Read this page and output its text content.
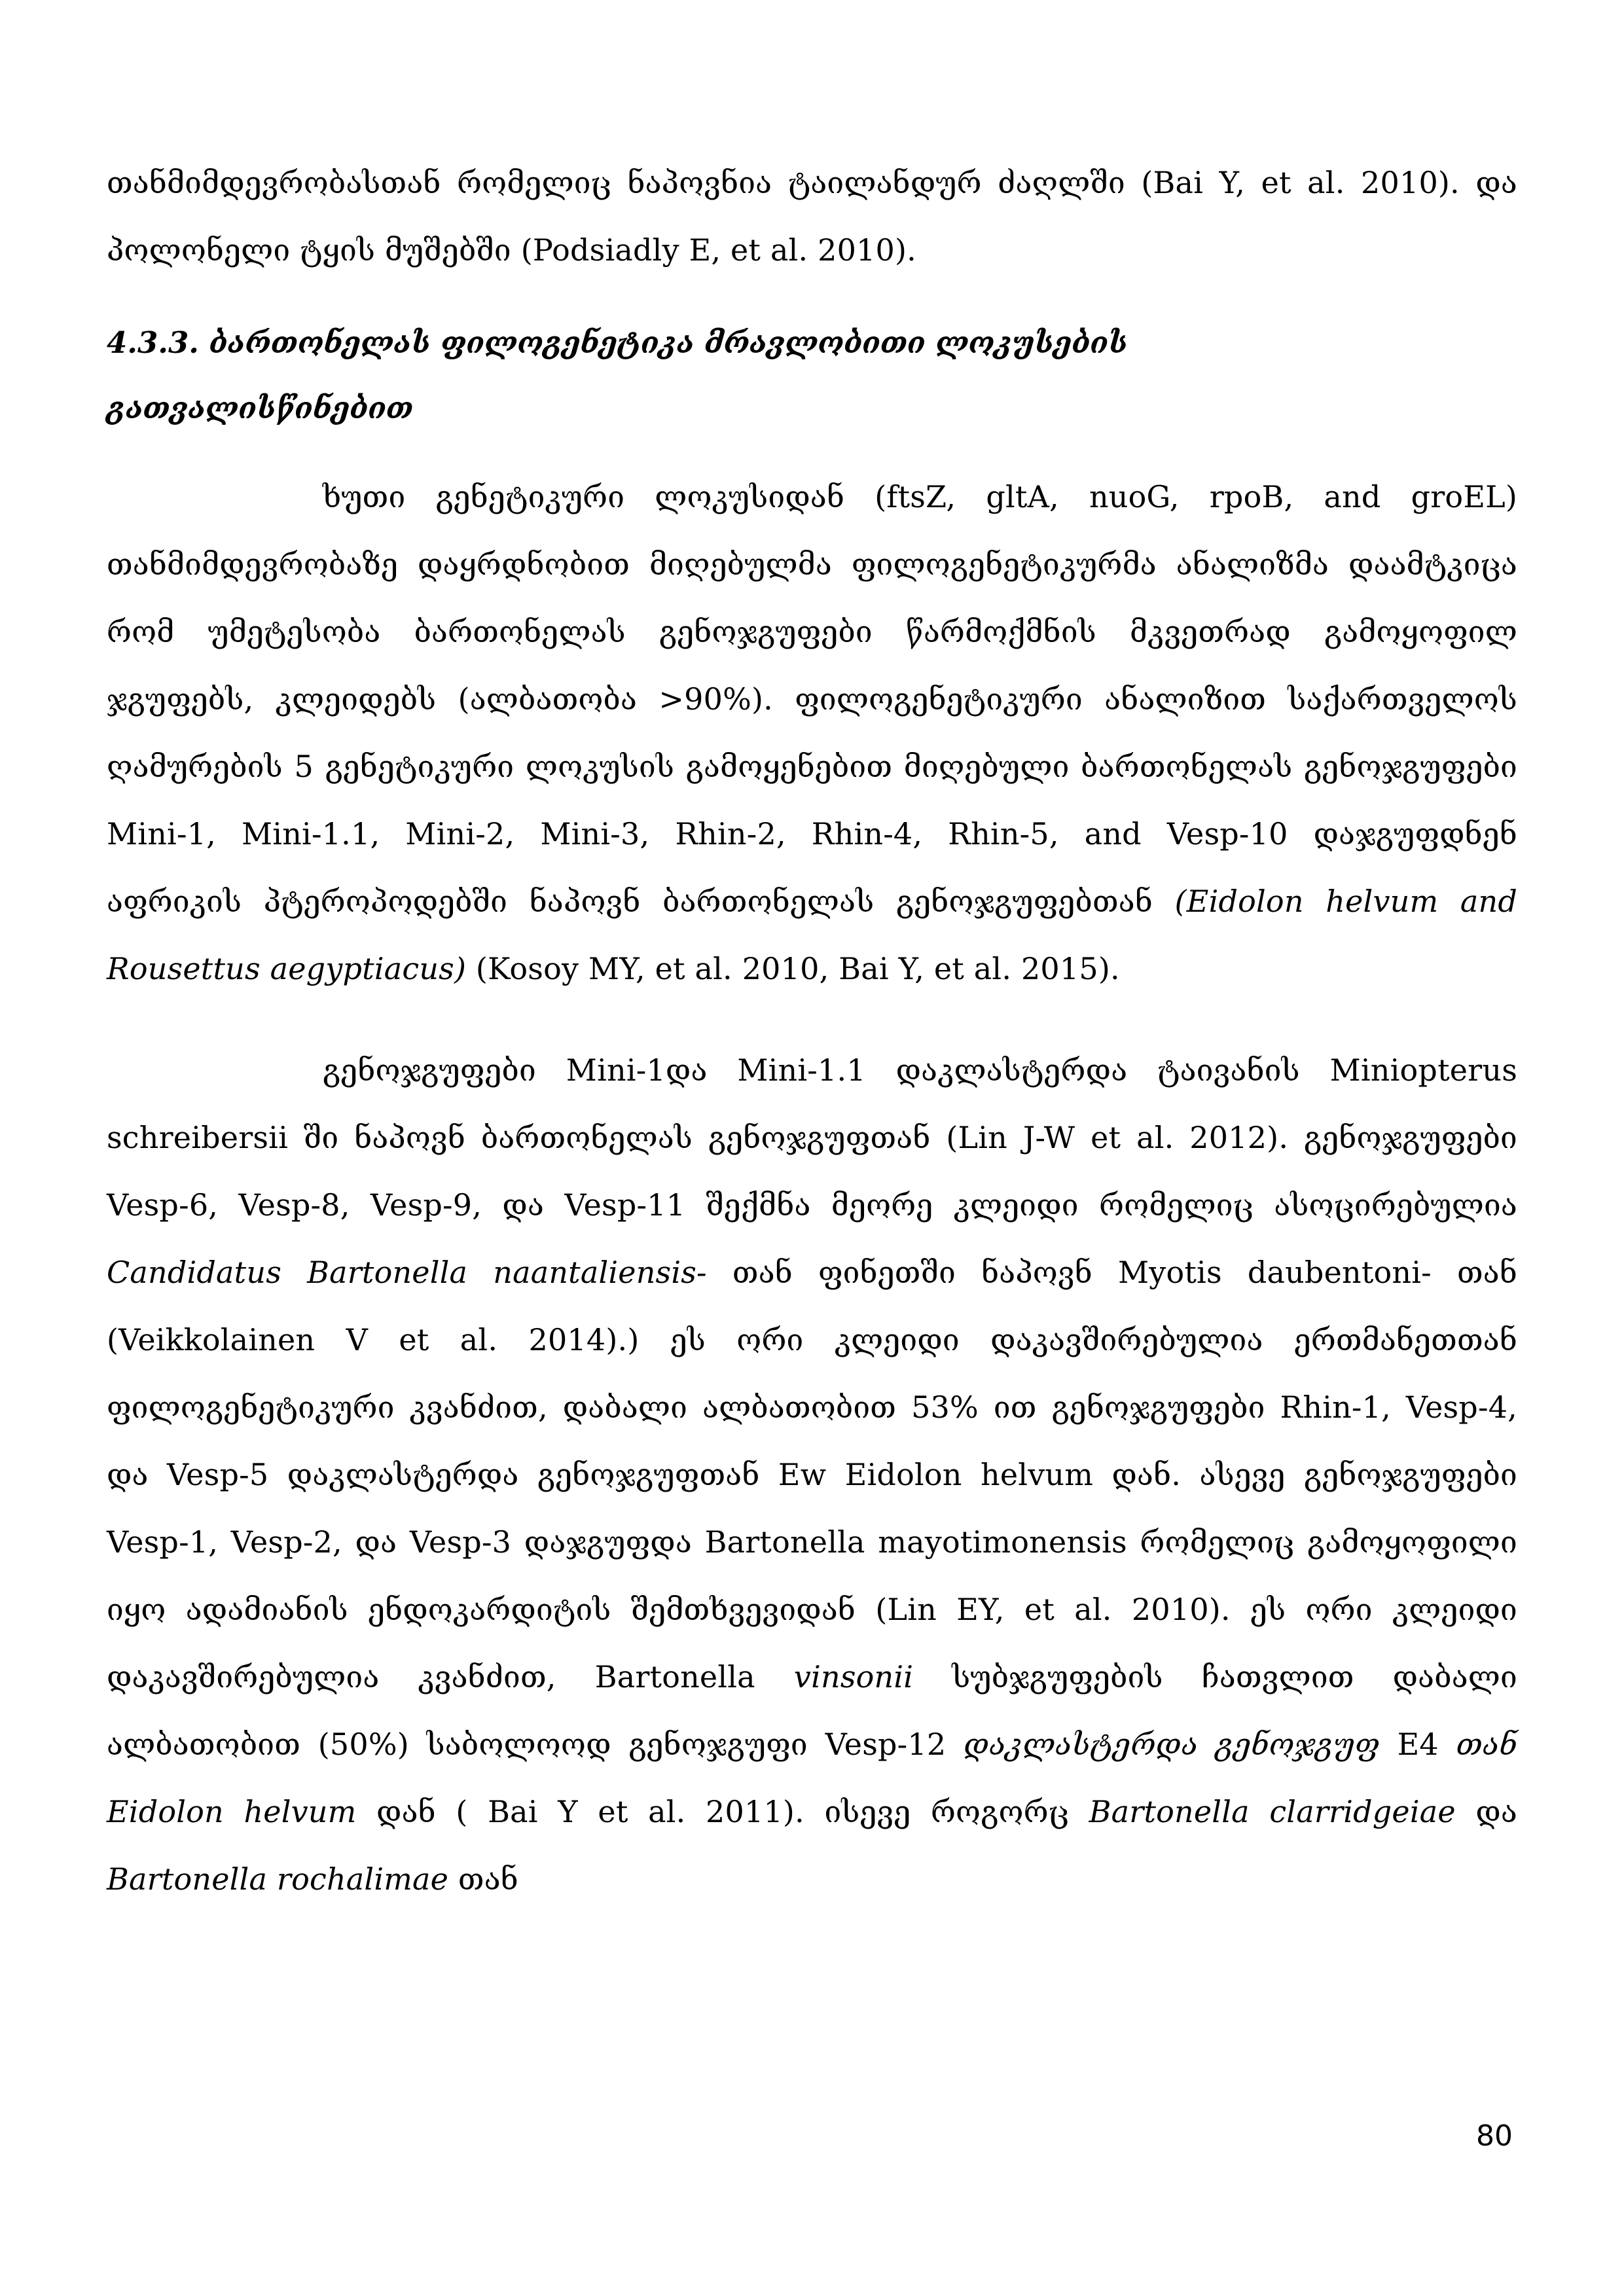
თანმიმდევრობასთან რომელიც ნაპოვნია ტაილანდურ ძაღლში (Bai Y, et al. 2010). და პოლონელი ტყის მუშებში (Podsiadly E, et al. 2010).

4.3.3. ბართონელას ფილოგენეტიკა მრავლობითი ლოკუსების გათვალისწინებით

ხუთი გენეტიკური ლოკუსიდან (ftsZ, gltA, nuoG, rpoB, and groEL) თანმიმდევრობაზე დაყრდნობით მიღებულმა ფილოგენეტიკურმა ანალიზმა დაამტკიცა რომ უმეტესობა ბართონელას გენოჯგუფები წარმოქმნის მკვეთრად გამოყოფილ ჯგუფებს, კლეიდებს (ალბათობა >90%). ფილოგენეტიკური ანალიზით საქართველოს ღამურების 5 გენეტიკური ლოკუსის გამოყენებით მიღებული ბართონელას გენოჯგუფები Mini-1, Mini-1.1, Mini-2, Mini-3, Rhin-2, Rhin-4, Rhin-5, and Vesp-10 დაჯგუფდნენ აფრიკის პტეროპოდებში ნაპოვნ ბართონელას გენოჯგუფებთან (Eidolon helvum and Rousettus aegyptiacus) (Kosoy MY, et al. 2010, Bai Y, et al. 2015).

გენოჯგუფები Mini-1და Mini-1.1 დაკლასტერდა ტაივანის Miniopterus schreibersii ში ნაპოვნ ბართონელას გენოჯგუფთან (Lin J-W et al. 2012). გენოჯგუფები Vesp-6, Vesp-8, Vesp-9, და Vesp-11 შექმნა მეორე კლეიდი რომელიც ასოცირებულია Candidatus Bartonella naantaliensis- თან ფინეთში ნაპოვნ Myotis daubentoni- თან (Veikkolainen V et al. 2014).) ეს ორი კლეიდი დაკავშირებულია ერთმანეთთან ფილოგენეტიკური კვანძით, დაბალი ალბათობით 53% ით გენოჯგუფები Rhin-1, Vesp-4, და Vesp-5 დაკლასტერდა გენოჯგუფთან Ew Eidolon helvum დან. ასევე გენოჯგუფები Vesp-1, Vesp-2, და Vesp-3 დაჯგუფდა Bartonella mayotimonensis რომელიც გამოყოფილი იყო ადამიანის ენდოკარდიტის შემთხვევიდან (Lin EY, et al. 2010). ეს ორი კლეიდი დაკავშირებულია კვანძით, Bartonella vinsonii სუბჯგუფების ჩათვლით დაბალი ალბათობით (50%) საბოლოოდ გენოჯგუფი Vesp-12 დაკლასტერდა გენოჯგუფ E4 თან Eidolon helvum დან ( Bai Y et al. 2011). ისევე როგორც Bartonella clarridgeiae და Bartonella rochalimae თან

80
